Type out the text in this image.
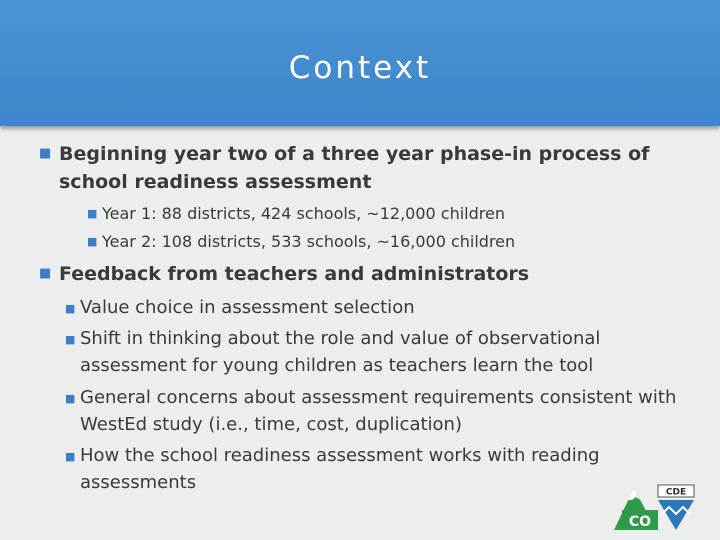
Context
■ Beginning year two of a three year phase-in process of school readiness assessment
■ Year 1: 88 districts, 424 schools, ~12,000 children
■ Year 2: 108 districts, 533 schools, ~16,000 children
■ Feedback from teachers and administrators
■ Value choice in assessment selection
■ Shift in thinking about the role and value of observational assessment for young children as teachers learn the tool
■ General concerns about assessment requirements consistent with WestEd study (i.e., time, cost, duplication)
■ How the school readiness assessment works with reading assessments
CO
CDE
